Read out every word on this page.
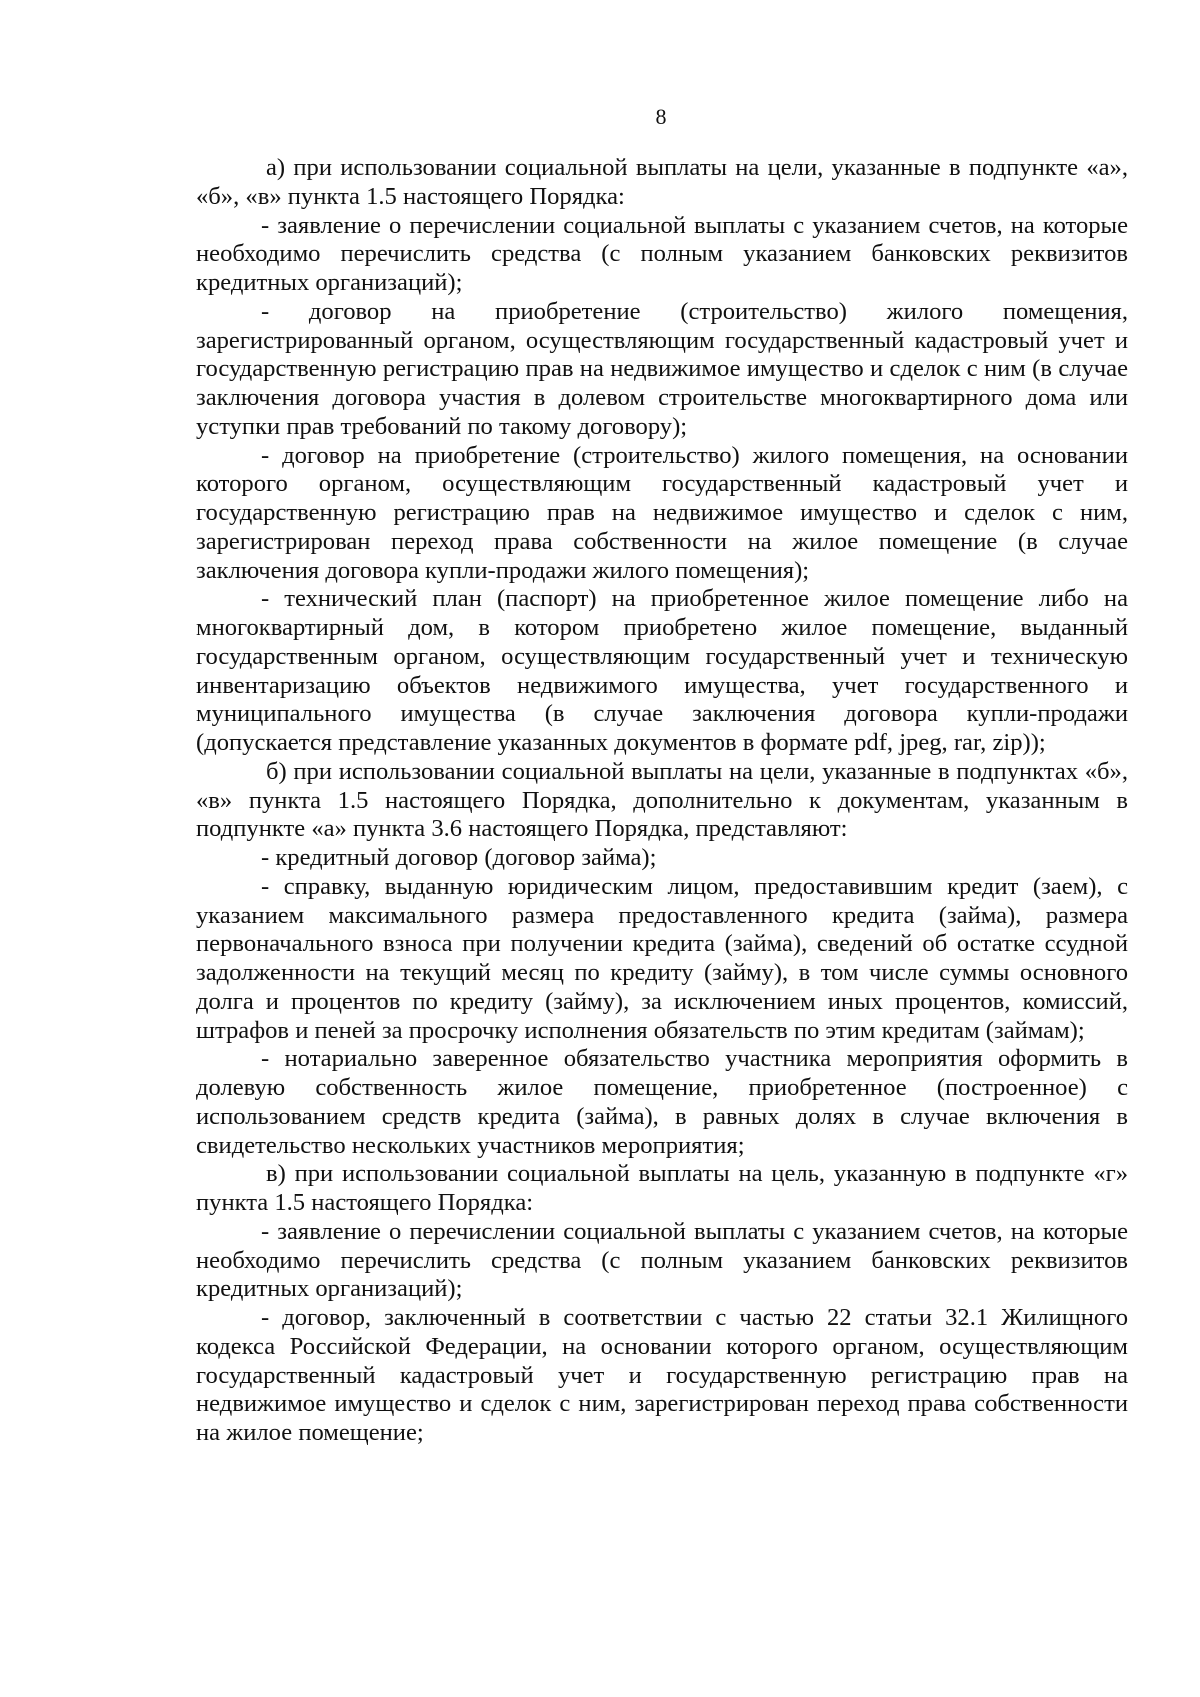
8

а) при использовании социальной выплаты на цели, указанные в подпункте «а», «б», «в» пункта 1.5 настоящего Порядка:

- заявление о перечислении социальной выплаты с указанием счетов, на которые необходимо перечислить средства (с полным указанием банковских реквизитов кредитных организаций);

- договор на приобретение (строительство) жилого помещения, зарегистрированный органом, осуществляющим государственный кадастровый учет и государственную регистрацию прав на недвижимое имущество и сделок с ним (в случае заключения договора участия в долевом строительстве многоквартирного дома или уступки прав требований по такому договору);

- договор на приобретение (строительство) жилого помещения, на основании которого органом, осуществляющим государственный кадастровый учет и государственную регистрацию прав на недвижимое имущество и сделок с ним, зарегистрирован переход права собственности на жилое помещение (в случае заключения договора купли-продажи жилого помещения);

- технический план (паспорт) на приобретенное жилое помещение либо на многоквартирный дом, в котором приобретено жилое помещение, выданный государственным органом, осуществляющим государственный учет и техническую инвентаризацию объектов недвижимого имущества, учет государственного и муниципального имущества (в случае заключения договора купли-продажи (допускается представление указанных документов в формате pdf, jpeg, rar, zip));

б) при использовании социальной выплаты на цели, указанные в подпунктах «б», «в» пункта 1.5 настоящего Порядка, дополнительно к документам, указанным в подпункте «а» пункта 3.6 настоящего Порядка, представляют:

- кредитный договор (договор займа);

- справку, выданную юридическим лицом, предоставившим кредит (заем), с указанием максимального размера предоставленного кредита (займа), размера первоначального взноса при получении кредита (займа), сведений об остатке ссудной задолженности на текущий месяц по кредиту (займу), в том числе суммы основного долга и процентов по кредиту (займу), за исключением иных процентов, комиссий, штрафов и пеней за просрочку исполнения обязательств по этим кредитам (займам);

- нотариально заверенное обязательство участника мероприятия оформить в долевую собственность жилое помещение, приобретенное (построенное) с использованием средств кредита (займа), в равных долях в случае включения в свидетельство нескольких участников мероприятия;

в) при использовании социальной выплаты на цель, указанную в подпункте «г» пункта 1.5 настоящего Порядка:

- заявление о перечислении социальной выплаты с указанием счетов, на которые необходимо перечислить средства (с полным указанием банковских реквизитов кредитных организаций);

- договор, заключенный в соответствии с частью 22 статьи 32.1 Жилищного кодекса Российской Федерации, на основании которого органом, осуществляющим государственный кадастровый учет и государственную регистрацию прав на недвижимое имущество и сделок с ним, зарегистрирован переход права собственности на жилое помещение;
